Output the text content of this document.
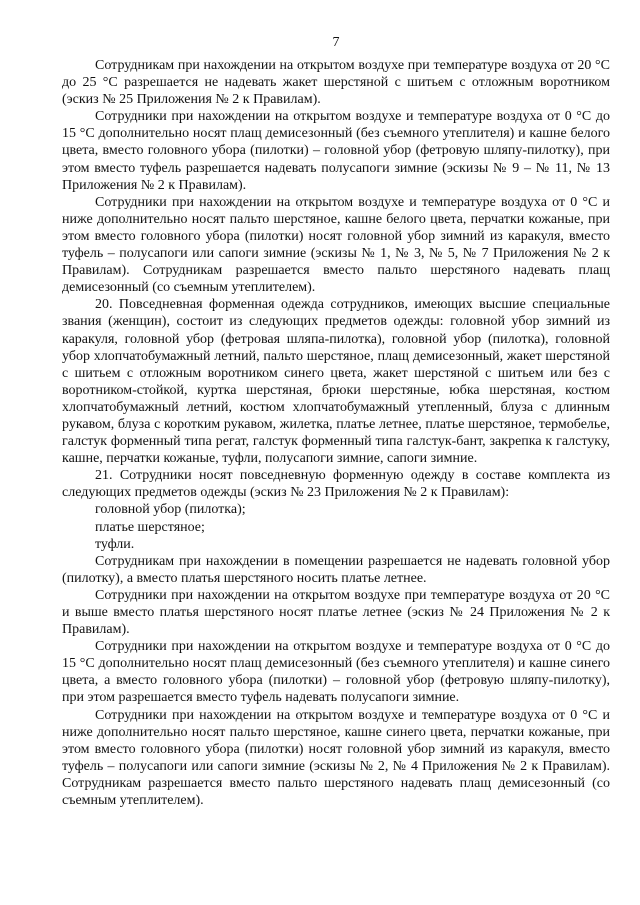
7

Сотрудникам при нахождении на открытом воздухе при температуре воздуха от 20 °С до 25 °С разрешается не надевать жакет шерстяной с шитьем с отложным воротником (эскиз № 25 Приложения № 2 к Правилам).

Сотрудники при нахождении на открытом воздухе и температуре воздуха от 0 °С до 15 °С дополнительно носят плащ демисезонный (без съемного утеплителя) и кашне белого цвета, вместо головного убора (пилотки) – головной убор (фетровую шляпу-пилотку), при этом вместо туфель разрешается надевать полусапоги зимние (эскизы № 9 – № 11, № 13 Приложения № 2 к Правилам).

Сотрудники при нахождении на открытом воздухе и температуре воздуха от 0 °С и ниже дополнительно носят пальто шерстяное, кашне белого цвета, перчатки кожаные, при этом вместо головного убора (пилотки) носят головной убор зимний из каракуля, вместо туфель – полусапоги или сапоги зимние (эскизы № 1, № 3, № 5, № 7 Приложения № 2 к Правилам). Сотрудникам разрешается вместо пальто шерстяного надевать плащ демисезонный (со съемным утеплителем).

20. Повседневная форменная одежда сотрудников, имеющих высшие специальные звания (женщин), состоит из следующих предметов одежды: головной убор зимний из каракуля, головной убор (фетровая шляпа-пилотка), головной убор (пилотка), головной убор хлопчатобумажный летний, пальто шерстяное, плащ демисезонный, жакет шерстяной с шитьем с отложным воротником синего цвета, жакет шерстяной с шитьем или без с воротником-стойкой, куртка шерстяная, брюки шерстяные, юбка шерстяная, костюм хлопчатобумажный летний, костюм хлопчатобумажный утепленный, блуза с длинным рукавом, блуза с коротким рукавом, жилетка, платье летнее, платье шерстяное, термобелье, галстук форменный типа регат, галстук форменный типа галстук-бант, закрепка к галстуку, кашне, перчатки кожаные, туфли, полусапоги зимние, сапоги зимние.

21. Сотрудники носят повседневную форменную одежду в составе комплекта из следующих предметов одежды (эскиз № 23 Приложения № 2 к Правилам):

головной убор (пилотка);

платье шерстяное;

туфли.

Сотрудникам при нахождении в помещении разрешается не надевать головной убор (пилотку), а вместо платья шерстяного носить платье летнее.

Сотрудники при нахождении на открытом воздухе при температуре воздуха от 20 °С и выше вместо платья шерстяного носят платье летнее (эскиз № 24 Приложения № 2 к Правилам).

Сотрудники при нахождении на открытом воздухе и температуре воздуха от 0 °С до 15 °С дополнительно носят плащ демисезонный (без съемного утеплителя) и кашне синего цвета, а вместо головного убора (пилотки) – головной убор (фетровую шляпу-пилотку), при этом разрешается вместо туфель надевать полусапоги зимние.

Сотрудники при нахождении на открытом воздухе и температуре воздуха от 0 °С и ниже дополнительно носят пальто шерстяное, кашне синего цвета, перчатки кожаные, при этом вместо головного убора (пилотки) носят головной убор зимний из каракуля, вместо туфель – полусапоги или сапоги зимние (эскизы № 2, № 4 Приложения № 2 к Правилам). Сотрудникам разрешается вместо пальто шерстяного надевать плащ демисезонный (со съемным утеплителем).
